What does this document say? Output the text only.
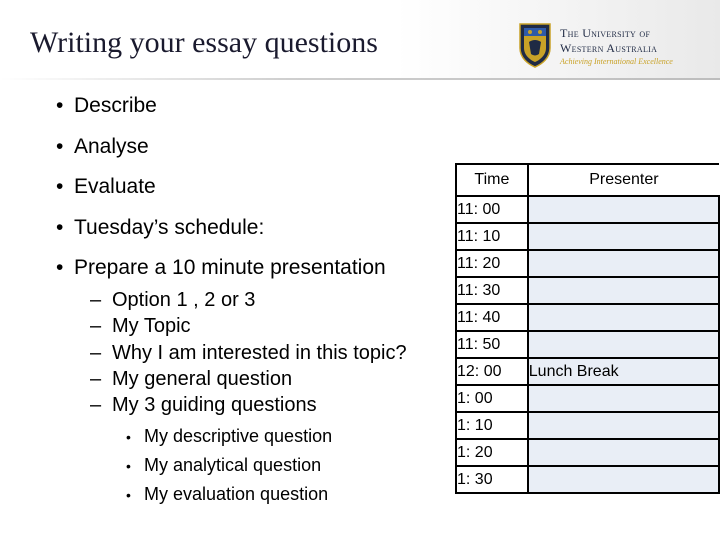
Writing your essay questions	The University of
Western Australia
Achieving International Excellence
• Describe
• Analyse
• Evaluate
• Tuesday’s schedule:
• Prepare a 10 minute presentation
– Option 1 , 2 or 3
– My Topic
– Why I am interested in this topic?
– My general question
– My 3 guiding questions
• My descriptive question
• My analytical question
• My evaluation question
Time	Presenter
11: 00	
11: 10	
11: 20	
11: 30	
11: 40	
11: 50	
12: 00	Lunch Break
1: 00	
1: 10	
1: 20	
1: 30	
